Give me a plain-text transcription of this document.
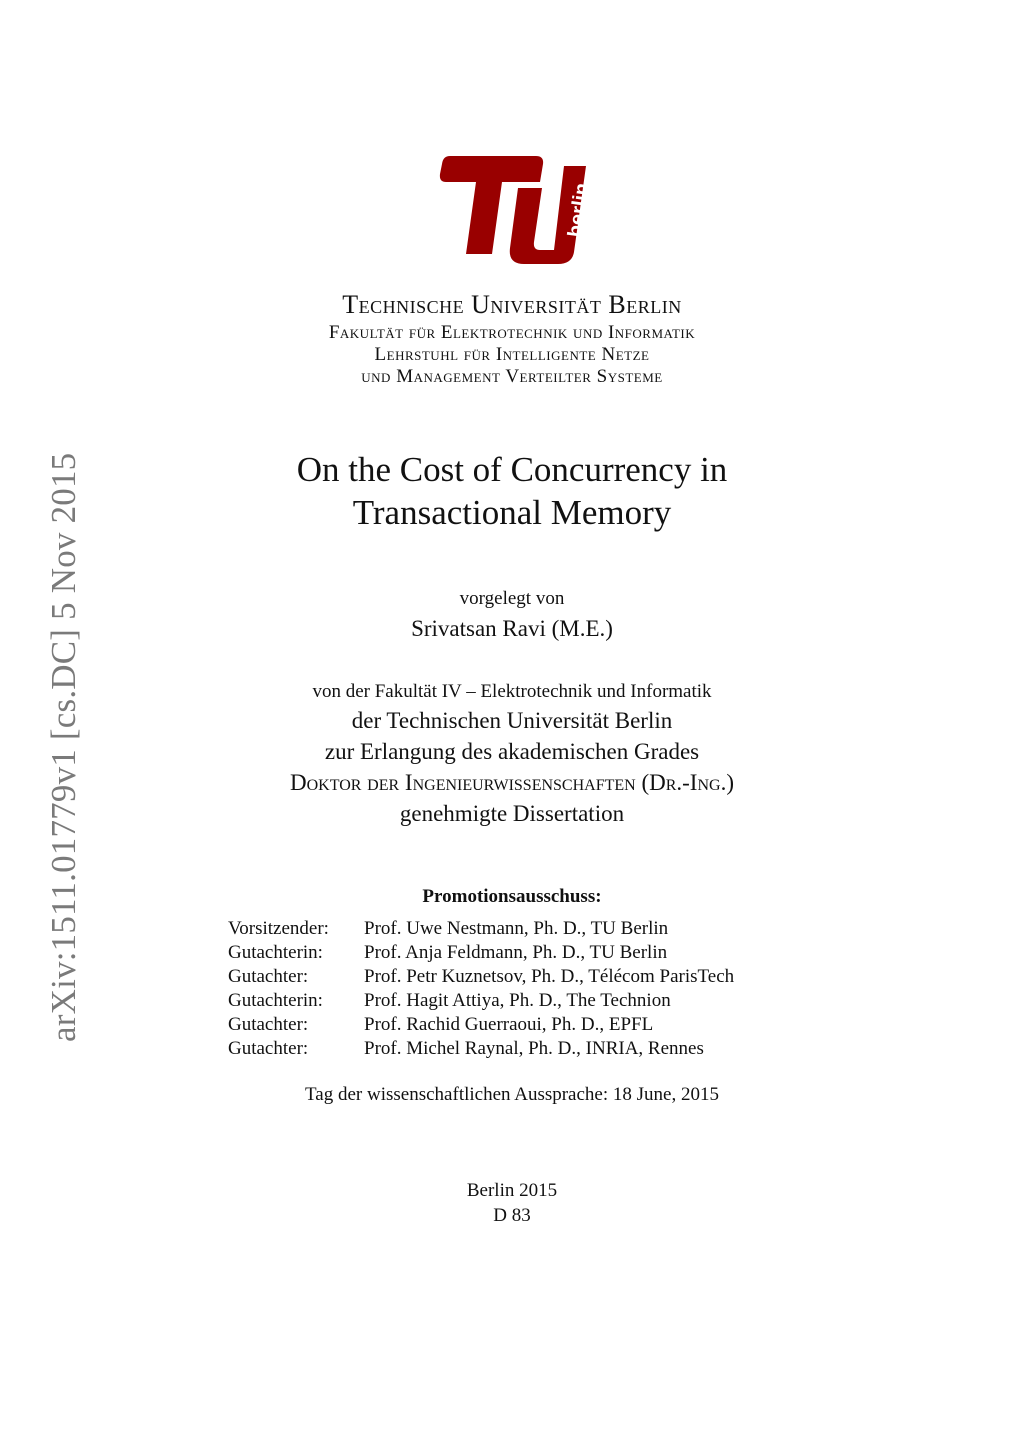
arXiv:1511.01779v1 [cs.DC] 5 Nov 2015
berlin
Technische Universität Berlin
Fakultät für Elektrotechnik und Informatik
Lehrstuhl für Intelligente Netze
und Management Verteilter Systeme
On the Cost of Concurrency in
Transactional Memory
vorgelegt von
Srivatsan Ravi (M.E.)
von der Fakultät IV – Elektrotechnik und Informatik
der Technischen Universität Berlin
zur Erlangung des akademischen Grades
Doktor der Ingenieurwissenschaften (Dr.-Ing.)
genehmigte Dissertation
Promotionsausschuss:
Vorsitzender:	Prof. Uwe Nestmann, Ph. D., TU Berlin
Gutachterin:	Prof. Anja Feldmann, Ph. D., TU Berlin
Gutachter:	Prof. Petr Kuznetsov, Ph. D., Télécom ParisTech
Gutachterin:	Prof. Hagit Attiya, Ph. D., The Technion
Gutachter:	Prof. Rachid Guerraoui, Ph. D., EPFL
Gutachter:	Prof. Michel Raynal, Ph. D., INRIA, Rennes
Tag der wissenschaftlichen Aussprache: 18 June, 2015
Berlin 2015
D 83
